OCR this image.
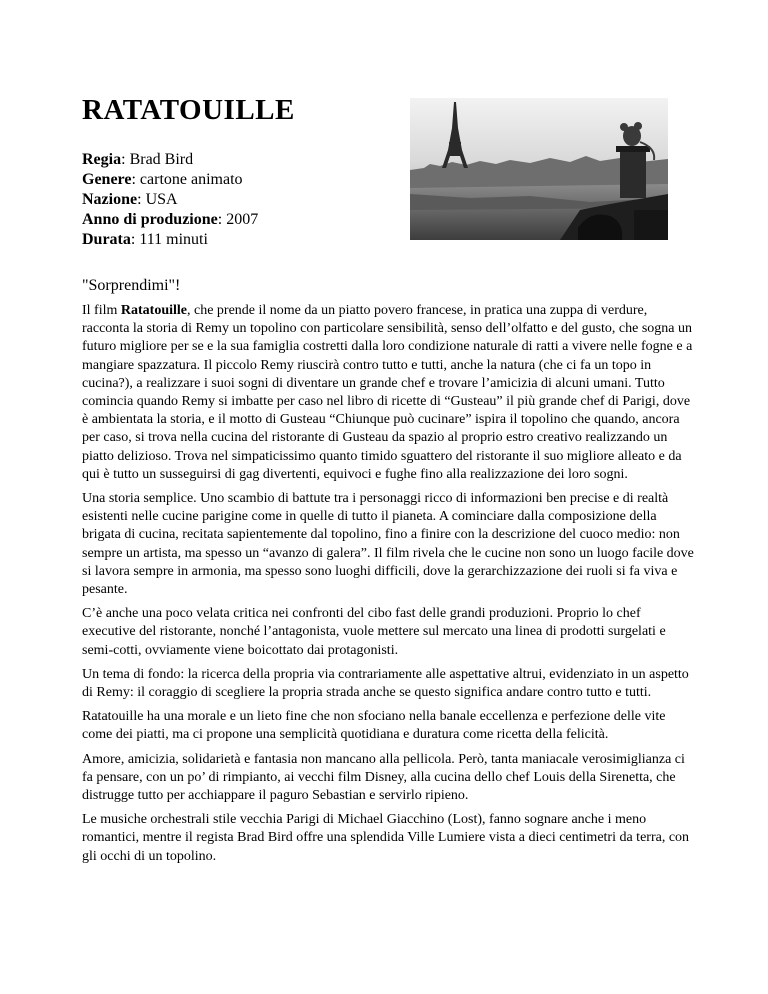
RATATOUILLE
Regia: Brad Bird
Genere: cartone animato
Nazione: USA
Anno di produzione: 2007
Durata: 111 minuti
"Sorprendimi"!

Il film Ratatouille, che prende il nome da un piatto povero francese, in pratica una zuppa di verdure, racconta la storia di Remy un topolino con particolare sensibilità, senso dell’olfatto e del gusto, che sogna un futuro migliore per se e la sua famiglia costretti dalla loro condizione naturale di ratti a vivere nelle fogne e a mangiare spazzatura. Il piccolo Remy riuscirà contro tutto e tutti, anche la natura (che ci fa un topo in cucina?), a realizzare i suoi sogni di diventare un grande chef e trovare l’amicizia di alcuni umani. Tutto comincia quando Remy si imbatte per caso nel libro di ricette di “Gusteau” il più grande chef di Parigi, dove è ambientata la storia, e il motto di Gusteau “Chiunque può cucinare” ispira il topolino che quando, ancora per caso, si trova nella cucina del ristorante di Gusteau da spazio al proprio estro creativo realizzando un piatto delizioso. Trova nel simpaticissimo quanto timido sguattero del ristorante il suo migliore alleato e da qui è tutto un susseguirsi di gag divertenti, equivoci e fughe fino alla realizzazione dei loro sogni.

Una storia semplice. Uno scambio di battute tra i personaggi ricco di informazioni ben precise e di realtà esistenti nelle cucine parigine come in quelle di tutto il pianeta. A cominciare dalla composizione della brigata di cucina, recitata sapientemente dal topolino, fino a finire con la descrizione del cuoco medio: non sempre un artista, ma spesso un “avanzo di galera”. Il film rivela che le cucine non sono un luogo facile dove si lavora sempre in armonia, ma spesso sono luoghi difficili, dove la gerarchizzazione dei ruoli si fa viva e pesante.

C’è anche una poco velata critica nei confronti del cibo fast delle grandi produzioni. Proprio lo chef executive del ristorante, nonché l’antagonista, vuole mettere sul mercato una linea di prodotti surgelati e semi-cotti, ovviamente viene boicottato dai protagonisti.

Un tema di fondo: la ricerca della propria via contrariamente alle aspettative altrui, evidenziato in un aspetto di Remy: il coraggio di scegliere la propria strada anche se questo significa andare contro tutto e tutti.

Ratatouille ha una morale e un lieto fine che non sfociano nella banale eccellenza e perfezione delle vite come dei piatti, ma ci propone una semplicità quotidiana e duratura come ricetta della felicità.

Amore, amicizia, solidarietà e fantasia non mancano alla pellicola. Però, tanta maniacale verosimiglianza ci fa pensare, con un po’ di rimpianto, ai vecchi film Disney, alla cucina dello chef Louis della Sirenetta, che distrugge tutto per acchiappare il paguro Sebastian e servirlo ripieno.

Le musiche orchestrali stile vecchia Parigi di Michael Giacchino (Lost), fanno sognare anche i meno romantici, mentre il regista Brad Bird offre una splendida Ville Lumiere vista a dieci centimetri da terra, con gli occhi di un topolino.
